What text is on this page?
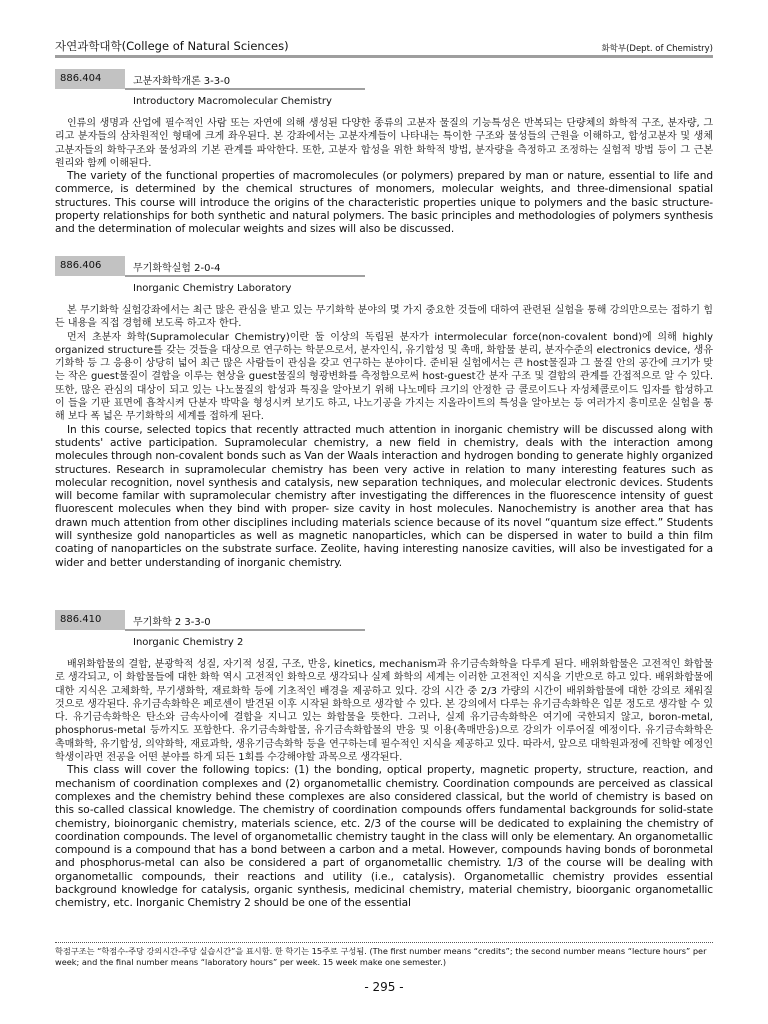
자연과학대학(College of Natural Sciences)	화학부(Dept. of Chemistry)
886.404	고분자화학개론 3-3-0
Introductory Macromolecular Chemistry

인류의 생명과 산업에 필수적인 사람 또는 자연에 의해 생성된 다양한 종류의 고분자 물질의 기능특성은 반복되는 단량체의 화학적 구조, 분자량, 그리고 분자들의 삼차원적인 형태에 크게 좌우된다. 본 강좌에서는 고분자계들이 나타내는 특이한 구조와 물성들의 근원을 이해하고, 합성고분자 및 생체고분자들의 화학구조와 물성과의 기본 관계를 파악한다. 또한, 고분자 합성을 위한 화학적 방법, 분자량을 측정하고 조정하는 실험적 방법 등이 그 근본원리와 함께 이해된다.

The variety of the functional properties of macromolecules (or polymers) prepared by man or nature, essential to life and commerce, is determined by the chemical structures of monomers, molecular weights, and three-dimensional spatial structures. This course will introduce the origins of the characteristic properties unique to polymers and the basic structure-property relationships for both synthetic and natural polymers. The basic principles and methodologies of polymers synthesis and the determination of molecular weights and sizes will also be discussed.

886.406	무기화학실험 2-0-4
Inorganic Chemistry Laboratory

본 무기화학 실험강좌에서는 최근 많은 관심을 받고 있는 무기화학 분야의 몇 가지 중요한 것들에 대하여 관련된 실험을 통해 강의만으로는 접하기 힘든 내용을 직접 경험해 보도록 하고자 한다.

먼저 초분자 화학(Supramolecular Chemistry)이란 둘 이상의 독립된 분자가 intermolecular force(non-covalent bond)에 의해 highly organized structure를 갖는 것들을 대상으로 연구하는 학문으로서, 분자인식, 유기합성 및 촉매, 화합물 분리, 분자수준의 electronics device, 생유기화학 등 그 응용이 상당히 넓어 최근 많은 사람들이 관심을 갖고 연구하는 분야이다. 준비된 실험에서는 큰 host물질과 그 물질 안의 공간에 크기가 맞는 작은 guest물질이 결합을 이루는 현상을 guest물질의 형광변화를 측정함으로써 host-guest간 분자 구조 및 결합의 관계를 간접적으로 알 수 있다. 또한, 많은 관심의 대상이 되고 있는 나노물질의 합성과 특징을 알아보기 위해 나노메타 크기의 안정한 금 콜로이드나 자성체콜로이드 입자를 합성하고 이 들을 기판 표면에 흡착시켜 단분자 박막을 형성시켜 보기도 하고, 나노기공을 가지는 지올라이트의 특성을 알아보는 등 여러가지 흥미로운 실험을 통해 보다 폭 넓은 무기화학의 세계를 접하게 된다.

In this course, selected topics that recently attracted much attention in inorganic chemistry will be discussed along with students' active participation. Supramolecular chemistry, a new field in chemistry, deals with the interaction among molecules through non-covalent bonds such as Van der Waals interaction and hydrogen bonding to generate highly organized structures. Research in supramolecular chemistry has been very active in relation to many interesting features such as molecular recognition, novel synthesis and catalysis, new separation techniques, and molecular electronic devices. Students will become familar with supramolecular chemistry after investigating the differences in the fluorescence intensity of guest fluorescent molecules when they bind with proper- size cavity in host molecules. Nanochemistry is another area that has drawn much attention from other disciplines including materials science because of its novel “quantum size effect.” Students will synthesize gold nanoparticles as well as magnetic nanoparticles, which can be dispersed in water to build a thin film coating of nanoparticles on the substrate surface. Zeolite, having interesting nanosize cavities, will also be investigated for a wider and better understanding of inorganic chemistry.

886.410	무기화학 2 3-3-0
Inorganic Chemistry 2

배위화합물의 결합, 분광학적 성질, 자기적 성질, 구조, 반응, kinetics, mechanism과 유기금속화학을 다루게 된다. 배위화합물은 고전적인 화합물로 생각되고, 이 화합물들에 대한 화학 역시 고전적인 화학으로 생각되나 실제 화학의 세계는 이러한 고전적인 지식을 기반으로 하고 있다. 배위화합물에 대한 지식은 고체화학, 무기생화학, 재료화학 등에 기초적인 배경을 제공하고 있다. 강의 시간 중 2/3 가량의 시간이 배위화합물에 대한 강의로 채워질 것으로 생각된다. 유기금속화학은 페로센이 발견된 이후 시작된 화학으로 생각할 수 있다. 본 강의에서 다루는 유기금속화학은 입문 정도로 생각할 수 있다. 유기금속화학은 탄소와 금속사이에 결합을 지니고 있는 화합물을 뜻한다. 그러나, 실제 유기금속화학은 여기에 국한되지 않고, boron-metal, phosphorus-metal 등까지도 포함한다. 유기금속화합물, 유기금속화합물의 반응 및 이용(촉매반응)으로 강의가 이루어질 예정이다. 유기금속화학은 촉매화학, 유기합성, 의약화학, 재료과학, 생유기금속화학 등을 연구하는데 필수적인 지식을 제공하고 있다. 따라서, 앞으로 대학원과정에 진학할 예정인 학생이라면 전공을 어떤 분야를 하게 되든 1회를 수강해야할 과목으로 생각된다.

This class will cover the following topics: (1) the bonding, optical property, magnetic property, structure, reaction, and mechanism of coordination complexes and (2) organometallic chemistry. Coordination compounds are perceived as classical complexes and the chemistry behind these complexes are also considered classical, but the world of chemistry is based on this so-called classical knowledge. The chemistry of coordination compounds offers fundamental backgrounds for solid-state chemistry, bioinorganic chemistry, materials science, etc. 2/3 of the course will be dedicated to explaining the chemistry of coordination compounds. The level of organometallic chemistry taught in the class will only be elementary. An organometallic compound is a compound that has a bond between a carbon and a metal. However, compounds having bonds of boronmetal and phosphorus-metal can also be considered a part of organometallic chemistry. 1/3 of the course will be dealing with organometallic compounds, their reactions and utility (i.e., catalysis). Organometallic chemistry provides essential background knowledge for catalysis, organic synthesis, medicinal chemistry, material chemistry, bioorganic organometallic chemistry, etc. Inorganic Chemistry 2 should be one of the essential

학점구조는 “학점수-주당 강의시간-주당 실습시간”을 표시함. 한 학기는 15주로 구성됨. (The first number means “credits”; the second number means “lecture hours” per week; and the final number means “laboratory hours” per week. 15 week make one semester.)
- 295 -
